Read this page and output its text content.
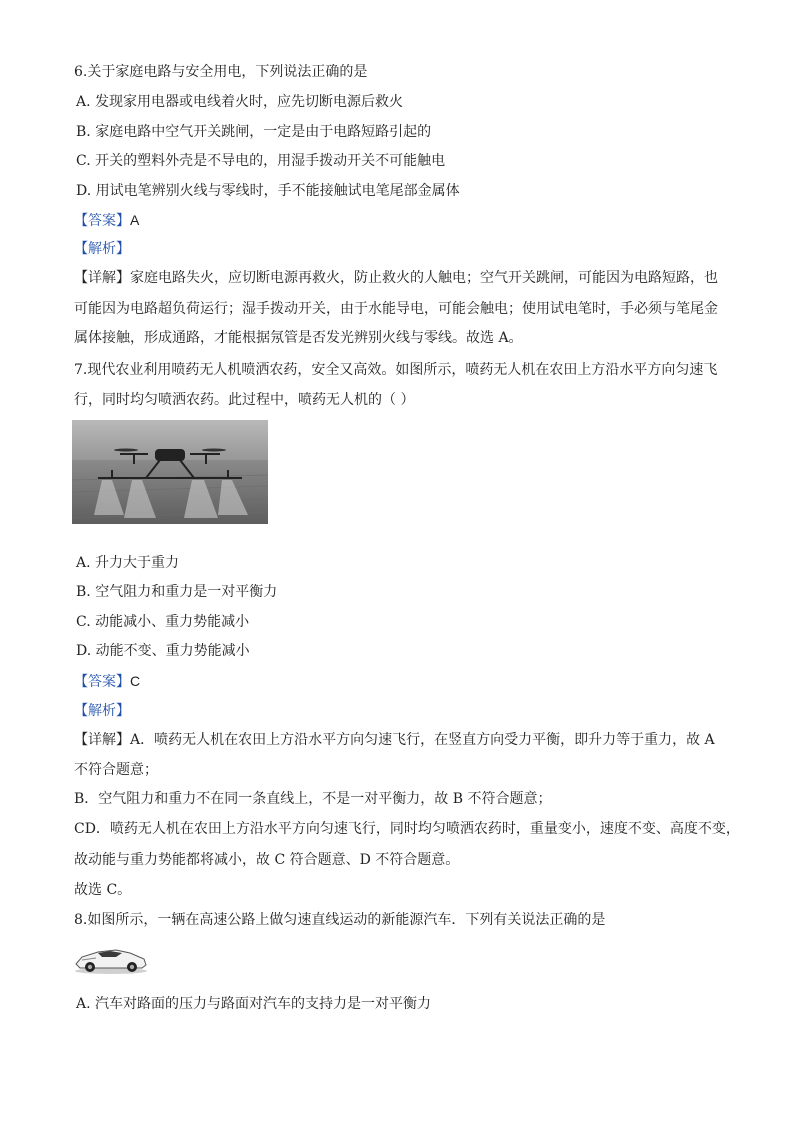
6.关于家庭电路与安全用电，下列说法正确的是
A. 发现家用电器或电线着火时，应先切断电源后救火
B. 家庭电路中空气开关跳闸，一定是由于电路短路引起的
C. 开关的塑料外壳是不导电的，用湿手拨动开关不可能触电
D. 用试电笔辨别火线与零线时，手不能接触试电笔尾部金属体
【答案】A
【解析】
【详解】家庭电路失火，应切断电源再救火，防止救火的人触电；空气开关跳闸，可能因为电路短路，也
可能因为电路超负荷运行；湿手拨动开关，由于水能导电，可能会触电；使用试电笔时，手必须与笔尾金
属体接触，形成通路，才能根据氖管是否发光辨别火线与零线。故选 A。
7.现代农业利用喷药无人机喷洒农药，安全又高效。如图所示，喷药无人机在农田上方沿水平方向匀速飞
行，同时均匀喷洒农药。此过程中，喷药无人机的（ ）
A. 升力大于重力
B. 空气阻力和重力是一对平衡力
C. 动能减小、重力势能减小
D. 动能不变、重力势能减小
【答案】C
【解析】
【详解】A．喷药无人机在农田上方沿水平方向匀速飞行，在竖直方向受力平衡，即升力等于重力，故 A
不符合题意；
B．空气阻力和重力不在同一条直线上，不是一对平衡力，故 B 不符合题意；
CD．喷药无人机在农田上方沿水平方向匀速飞行，同时均匀喷洒农药时，重量变小，速度不变、高度不变，
故动能与重力势能都将减小，故 C 符合题意、D 不符合题意。
故选 C。
8.如图所示，一辆在高速公路上做匀速直线运动的新能源汽车．下列有关说法正确的是
A. 汽车对路面的压力与路面对汽车的支持力是一对平衡力
